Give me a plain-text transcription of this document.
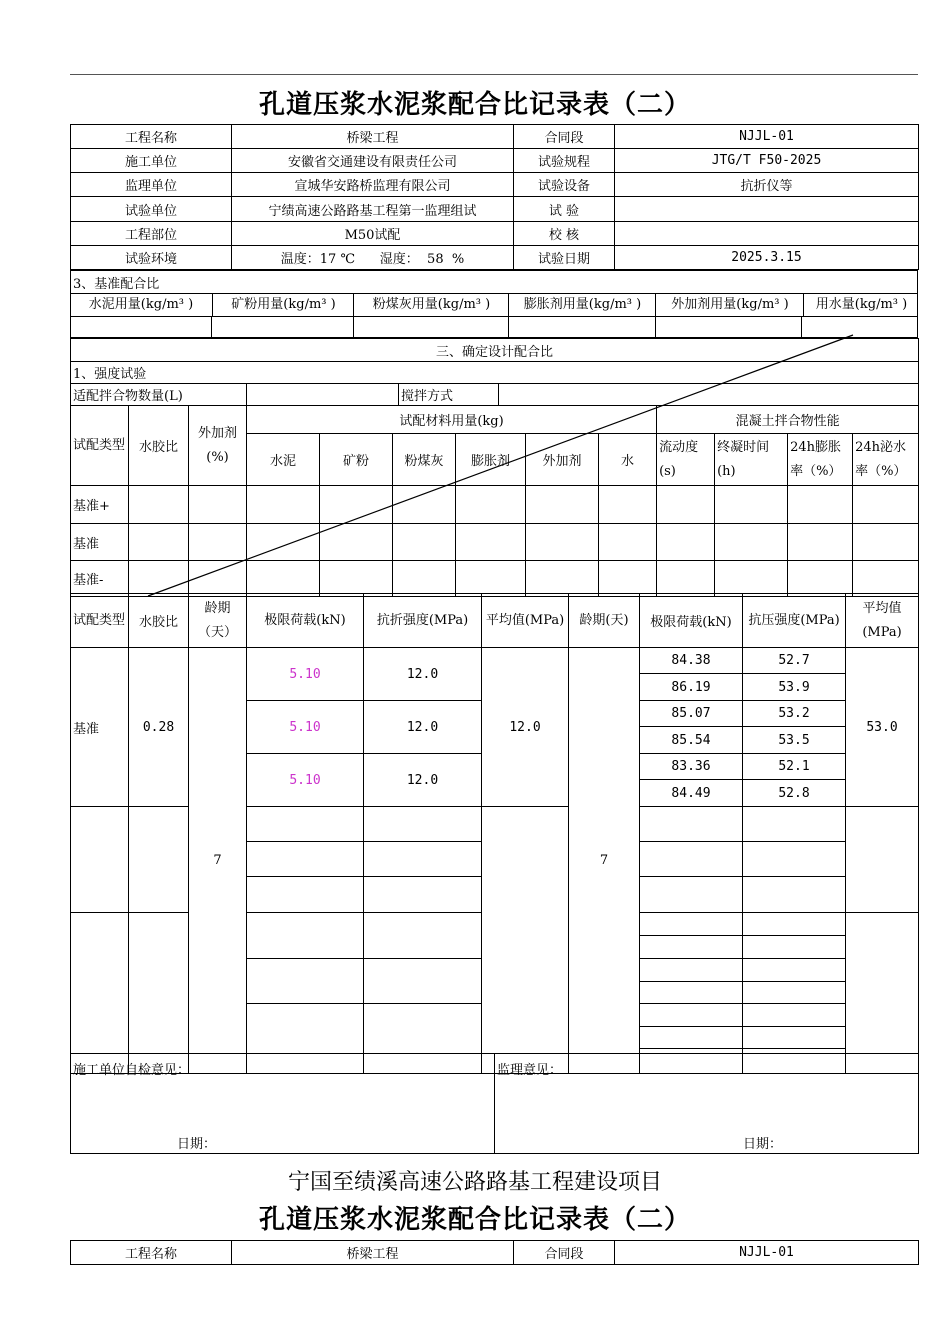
孔道压浆水泥浆配合比记录表（二）
工程名称	桥梁工程	合同段	NJJL-01
施工单位	安徽省交通建设有限责任公司	试验规程	JTG/T F50-2025
监理单位	宣城华安路桥监理有限公司	试验设备	抗折仪等
试验单位	宁绩高速公路路基工程第一监理组试	试 验	
工程部位	M50试配	校 核	
试验环境	温度：17 ℃      湿度：  58  %	试验日期	2025.3.15
3、基准配合比
水泥用量(kg/m³ )	矿粉用量(kg/m³ )	粉煤灰用量(kg/m³ )	膨胀剂用量(kg/m³ )	外加剂用量(kg/m³ )	用水量(kg/m³ )
三、确定设计配合比
1、强度试验
适配拌合物数量(L)		搅拌方式	
试配类型	水胶比	外加剂(%)	试配材料用量(kg)						混凝土拌合物性能			
			水泥	矿粉	粉煤灰	膨胀剂	外加剂	水	流动度(s)	终凝时间(h)	24h膨胀率（%）	24h泌水率（%）
基准+												
基准												
基准-												
试配类型	水胶比	龄期（天）	极限荷载(kN)	抗折强度(MPa)	平均值(MPa)	龄期(天)	极限荷载(kN)	抗压强度(MPa)	平均值(MPa)
基准	0.28	7	5.10	12.0	12.0	7	84.38	52.7	53.0
							86.19	53.9	
			5.10	12.0			85.07	53.2	
							85.54	53.5	
			5.10	12.0			83.36	52.1	
							84.49	52.8	

施工单位自检意见：
日期：

监理意见：
日期：
宁国至绩溪高速公路路基工程建设项目
孔道压浆水泥浆配合比记录表（二）
工程名称	桥梁工程	合同段	NJJL-01
